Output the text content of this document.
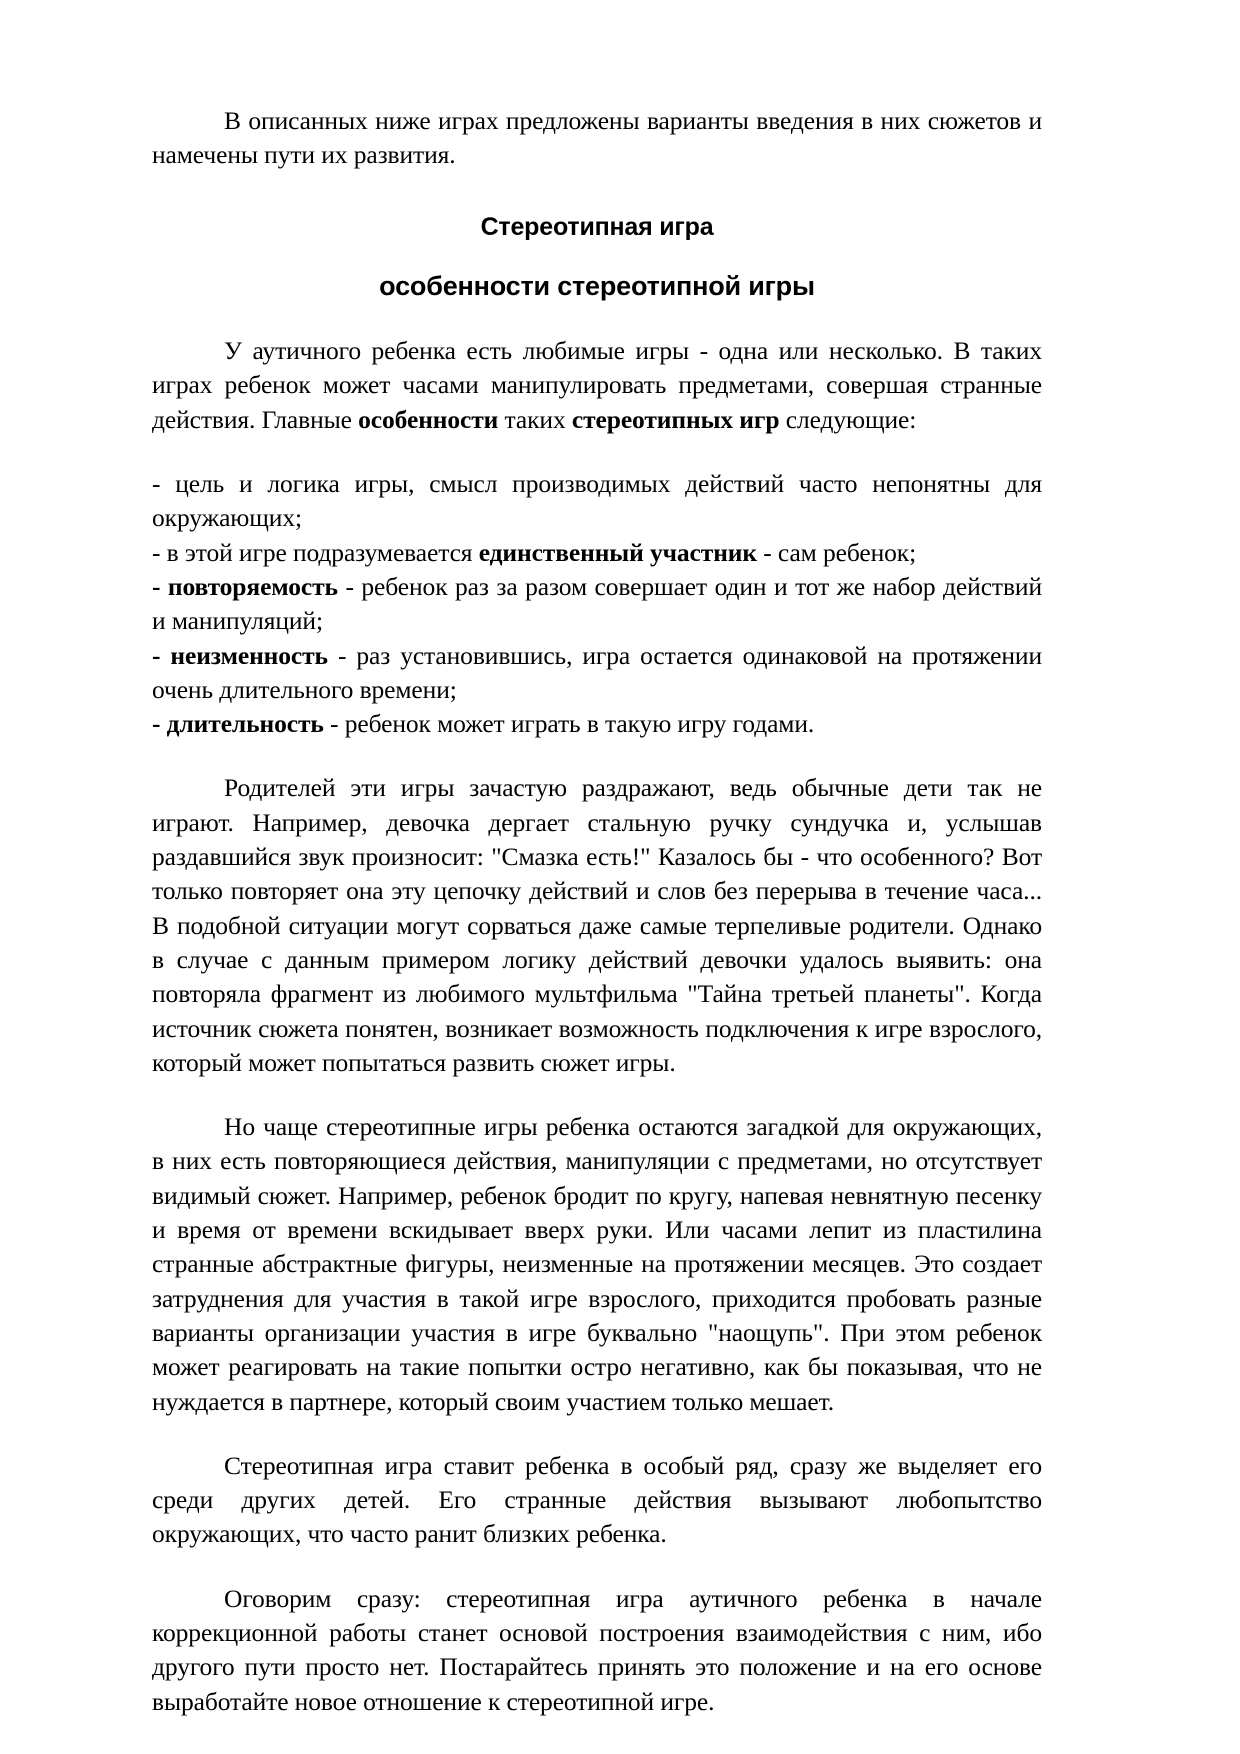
В описанных ниже играх предложены варианты введения в них сюжетов и намечены пути их развития.

Стереотипная игра

особенности стереотипной игры

У аутичного ребенка есть любимые игры - одна или несколько. В таких играх ребенок может часами манипулировать предметами, совершая странные действия. Главные особенности таких стереотипных игр следующие:

- цель и логика игры, смысл производимых действий часто непонятны для окружающих;

- в этой игре подразумевается единственный участник - сам ребенок;

- повторяемость - ребенок раз за разом совершает один и тот же набор действий и манипуляций;

- неизменность - раз установившись, игра остается одинаковой на протяжении очень длительного времени;

- длительность - ребенок может играть в такую игру годами.

Родителей эти игры зачастую раздражают, ведь обычные дети так не играют. Например, девочка дергает стальную ручку сундучка и, услышав раздавшийся звук произносит: "Смазка есть!" Казалось бы - что особенного? Вот только повторяет она эту цепочку действий и слов без перерыва в течение часа... В подобной ситуации могут сорваться даже самые терпеливые родители. Однако в случае с данным примером логику действий девочки удалось выявить: она повторяла фрагмент из любимого мультфильма "Тайна третьей планеты". Когда источник сюжета понятен, возникает возможность подключения к игре взрослого, который может попытаться развить сюжет игры.

Но чаще стереотипные игры ребенка остаются загадкой для окружающих, в них есть повторяющиеся действия, манипуляции с предметами, но отсутствует видимый сюжет. Например, ребенок бродит по кругу, напевая невнятную песенку и время от времени вскидывает вверх руки. Или часами лепит из пластилина странные абстрактные фигуры, неизменные на протяжении месяцев. Это создает затруднения для участия в такой игре взрослого, приходится пробовать разные варианты организации участия в игре буквально "наощупь". При этом ребенок может реагировать на такие попытки остро негативно, как бы показывая, что не нуждается в партнере, который своим участием только мешает.

Стереотипная игра ставит ребенка в особый ряд, сразу же выделяет его среди других детей. Его странные действия вызывают любопытство окружающих, что часто ранит близких ребенка.

Оговорим сразу: стереотипная игра аутичного ребенка в начале коррекционной работы станет основой построения взаимодействия с ним, ибо другого пути просто нет. Постарайтесь принять это положение и на его основе выработайте новое отношение к стереотипной игре.
